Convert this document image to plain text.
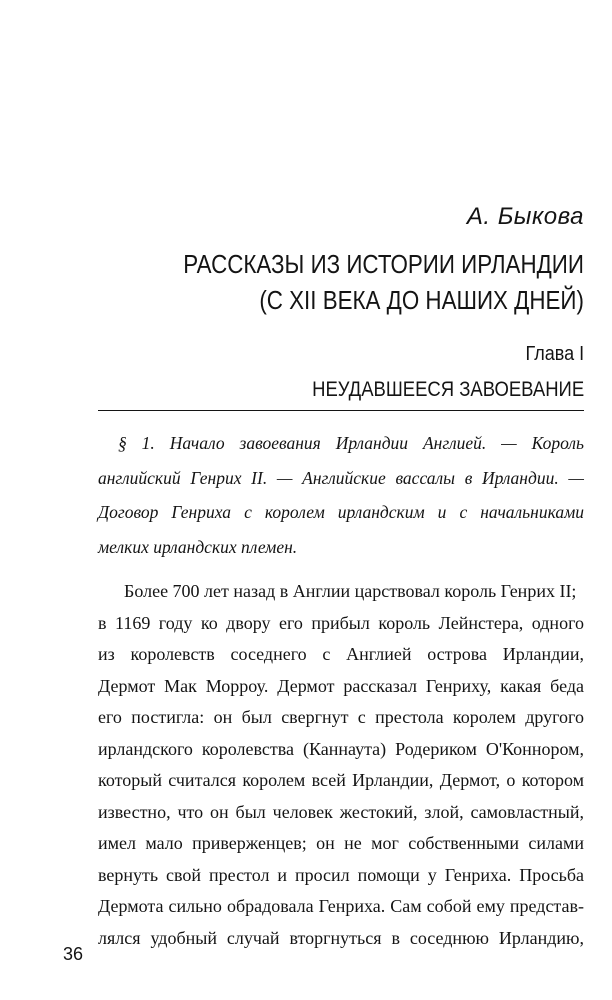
А. Быкова
РАССКАЗЫ ИЗ ИСТОРИИ ИРЛАНДИИ
(С XII ВЕКА ДО НАШИХ ДНЕЙ)
Глава I
НЕУДАВШЕЕСЯ ЗАВОЕВАНИЕ
§ 1. Начало завоевания Ирландии Англией. — Король
английский Генрих II. — Английские вассалы в Ирландии. —
Договор Генриха с королем ирландским и с начальниками
мелких ирландских племен.
Более 700 лет назад в Англии царствовал король Генрих II;
в 1169 году ко двору его прибыл король Лейнстера, одного
из королевств соседнего с Англией острова Ирландии,
Дермот Мак Морроу. Дермот рассказал Генриху, какая беда
его постигла: он был свергнут с престола королем другого
ирландского королевства (Каннаута) Родериком О'Коннором,
который считался королем всей Ирландии, Дермот, о котором
известно, что он был человек жестокий, злой, самовластный,
имел мало приверженцев; он не мог собственными силами
вернуть свой престол и просил помощи у Генриха. Просьба
Дермота сильно обрадовала Генриха. Сам собой ему представ-
лялся удобный случай вторгнуться в соседнюю Ирландию,
36
